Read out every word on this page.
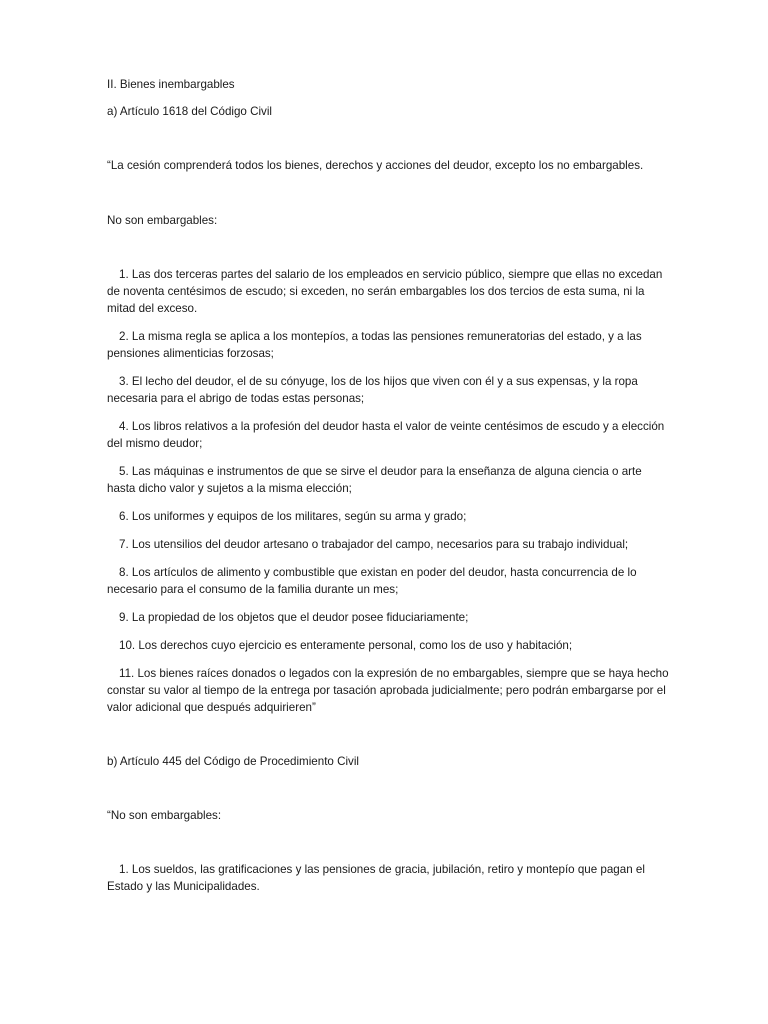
II. Bienes inembargables

a) Artículo 1618 del Código Civil

“La cesión comprenderá todos los bienes, derechos y acciones del deudor, excepto los no embargables.

No son embargables:

1. Las dos terceras partes del salario de los empleados en servicio público, siempre que ellas no excedan de noventa centésimos de escudo; si exceden, no serán embargables los dos tercios de esta suma, ni la mitad del exceso.

2. La misma regla se aplica a los montepíos, a todas las pensiones remuneratorias del estado, y a las pensiones alimenticias forzosas;

3. El lecho del deudor, el de su cónyuge, los de los hijos que viven con él y a sus expensas, y la ropa necesaria para el abrigo de todas estas personas;

4. Los libros relativos a la profesión del deudor hasta el valor de veinte centésimos de escudo y a elección del mismo deudor;

5. Las máquinas e instrumentos de que se sirve el deudor para la enseñanza de alguna ciencia o arte hasta dicho valor y sujetos a la misma elección;

6. Los uniformes y equipos de los militares, según su arma y grado;

7. Los utensilios del deudor artesano o trabajador del campo, necesarios para su trabajo individual;

8. Los artículos de alimento y combustible que existan en poder del deudor, hasta concurrencia de lo necesario para el consumo de la familia durante un mes;

9. La propiedad de los objetos que el deudor posee fiduciariamente;

10. Los derechos cuyo ejercicio es enteramente personal, como los de uso y habitación;

11. Los bienes raíces donados o legados con la expresión de no embargables, siempre que se haya hecho constar su valor al tiempo de la entrega por tasación aprobada judicialmente; pero podrán embargarse por el valor adicional que después adquirieren”

b) Artículo 445 del Código de Procedimiento Civil

“No son embargables:

1. Los sueldos, las gratificaciones y las pensiones de gracia, jubilación, retiro y montepío que pagan el Estado y las Municipalidades.
